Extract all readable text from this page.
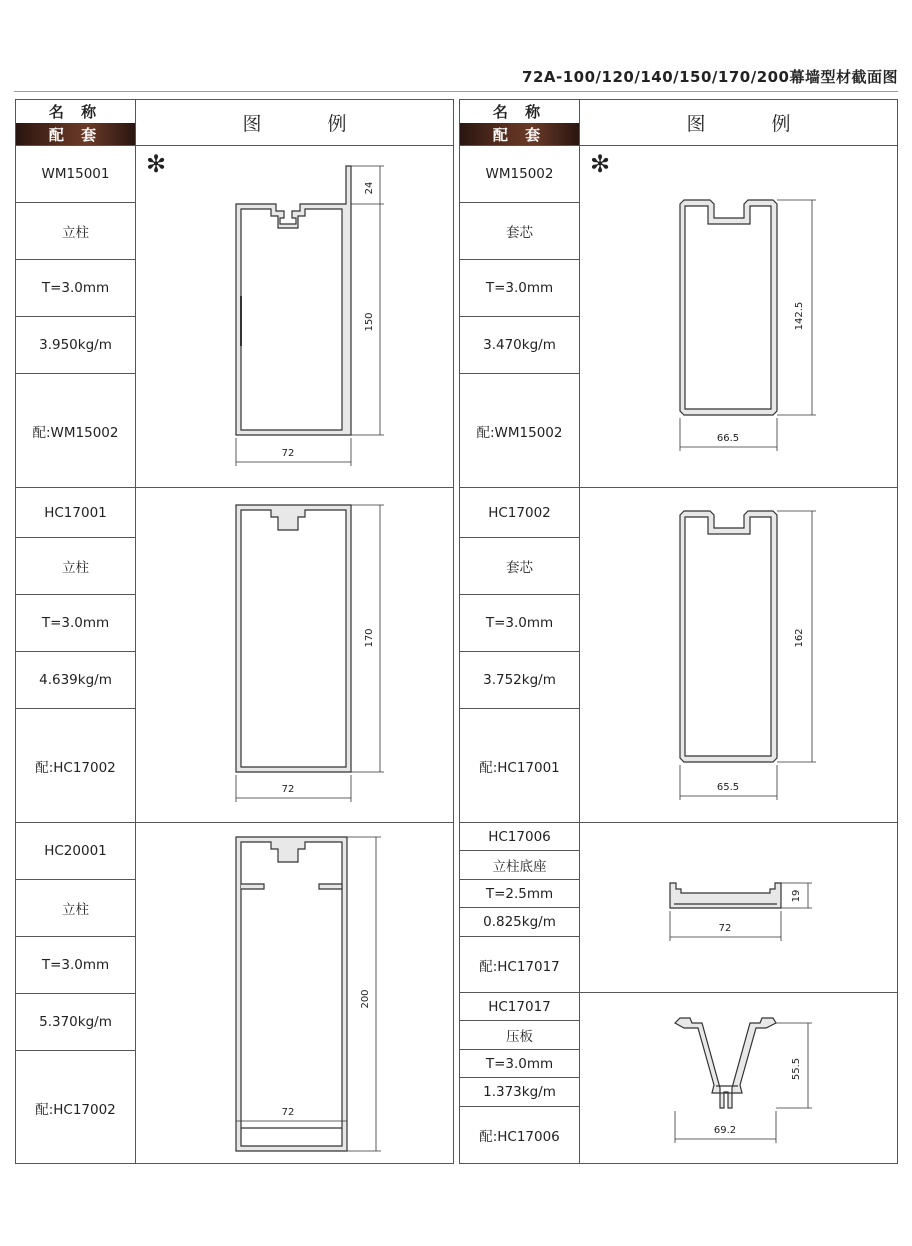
72A-100/120/140/150/170/200幕墙型材截面图
名 称
配 套	图 例
WM15001
立柱
T=3.0mm
3.950kg/m
配:WM15002
✻
24
150
72
HC17001
立柱
T=3.0mm
4.639kg/m
配:HC17002
170
72
HC20001
立柱
T=3.0mm
5.370kg/m
配:HC17002
200
72
名 称
配 套	图 例
WM15002
套芯
T=3.0mm
3.470kg/m
配:WM15002
✻
142.5
66.5
HC17002
套芯
T=3.0mm
3.752kg/m
配:HC17001
162
65.5
HC17006
立柱底座
T=2.5mm
0.825kg/m
配:HC17017
19
72
HC17017
压板
T=3.0mm
1.373kg/m
配:HC17006
55.5
69.2
